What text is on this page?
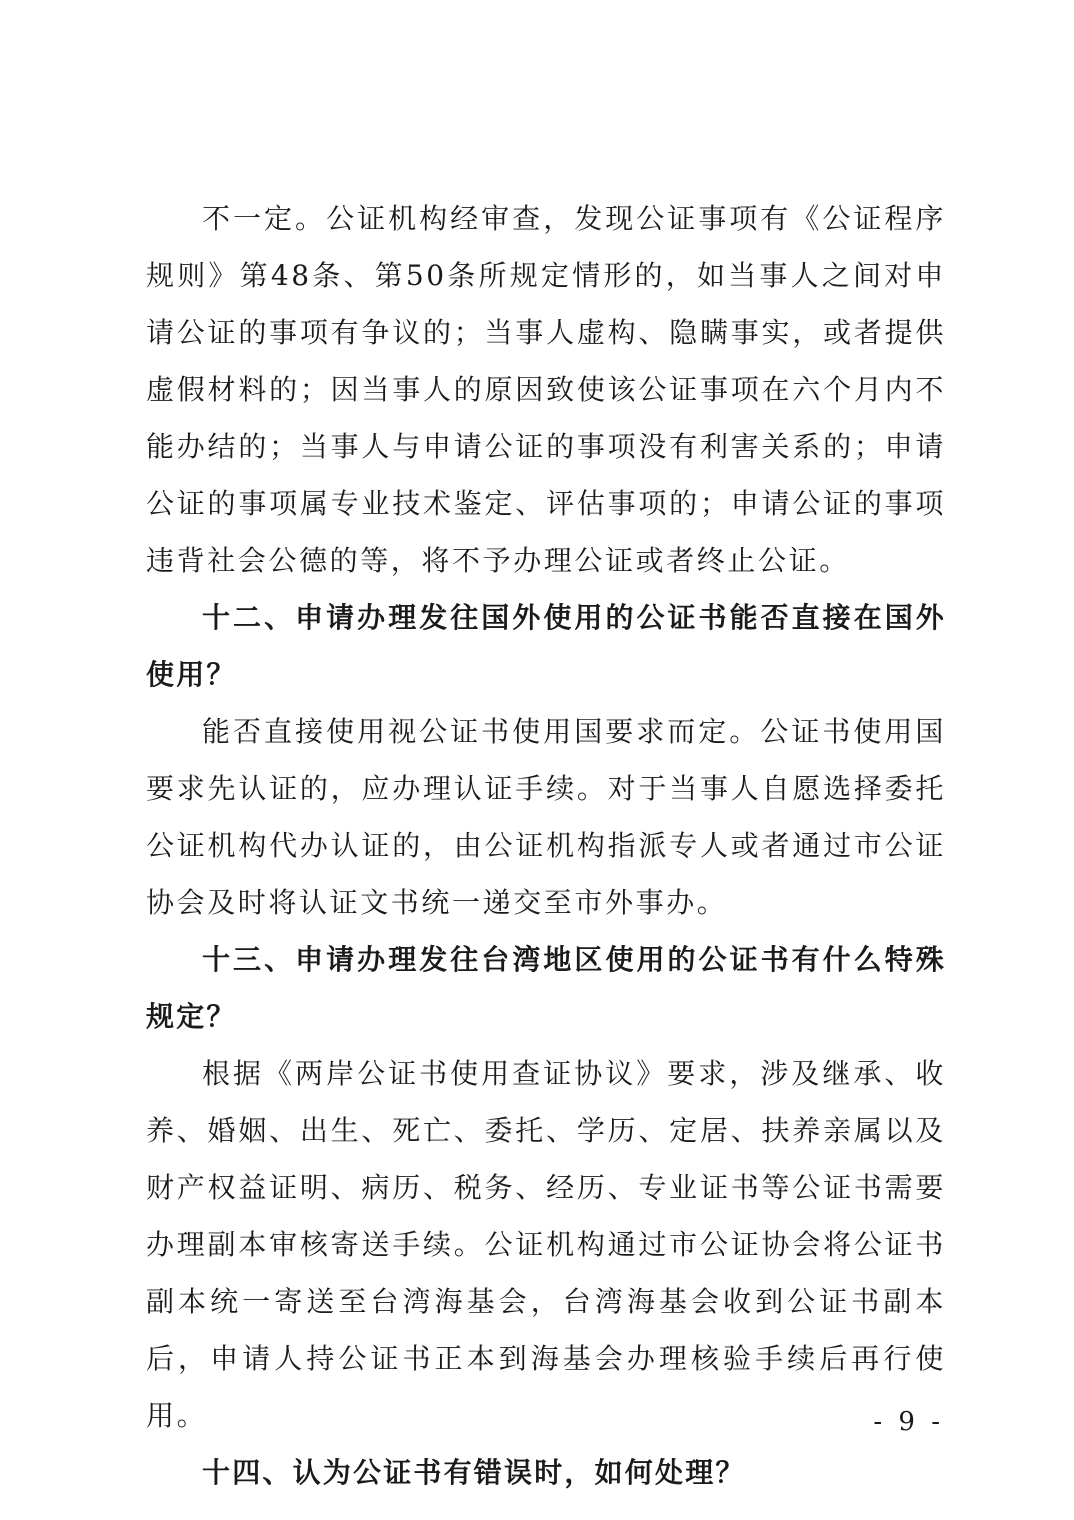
不一定。公证机构经审查，发现公证事项有《公证程序规则》第48条、第50条所规定情形的，如当事人之间对申请公证的事项有争议的；当事人虚构、隐瞒事实，或者提供虚假材料的；因当事人的原因致使该公证事项在六个月内不能办结的；当事人与申请公证的事项没有利害关系的；申请公证的事项属专业技术鉴定、评估事项的；申请公证的事项违背社会公德的等，将不予办理公证或者终止公证。

十二、申请办理发往国外使用的公证书能否直接在国外使用？

能否直接使用视公证书使用国要求而定。公证书使用国要求先认证的，应办理认证手续。对于当事人自愿选择委托公证机构代办认证的，由公证机构指派专人或者通过市公证协会及时将认证文书统一递交至市外事办。

十三、申请办理发往台湾地区使用的公证书有什么特殊规定？

根据《两岸公证书使用查证协议》要求，涉及继承、收养、婚姻、出生、死亡、委托、学历、定居、扶养亲属以及财产权益证明、病历、税务、经历、专业证书等公证书需要办理副本审核寄送手续。公证机构通过市公证协会将公证书副本统一寄送至台湾海基会，台湾海基会收到公证书副本后，申请人持公证书正本到海基会办理核验手续后再行使用。

十四、认为公证书有错误时，如何处理？

- 9 -
